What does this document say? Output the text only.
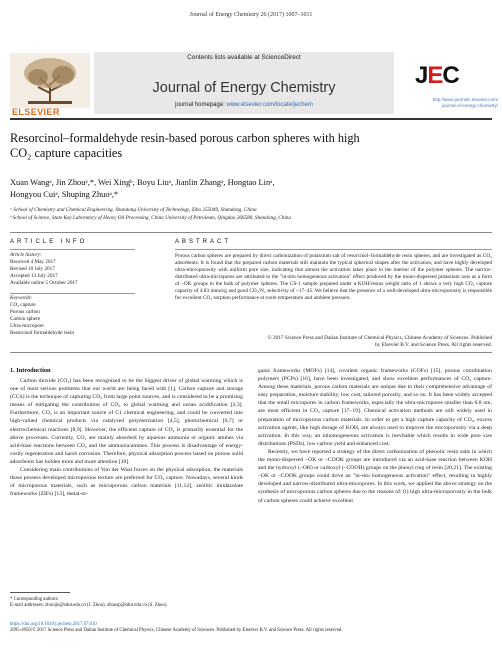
Journal of Energy Chemistry 26 (2017) 1007–1011
ELSEVIER
Contents lists available at ScienceDirect
Journal of Energy Chemistry
journal homepage: www.elsevier.com/locate/jechem
JEC
http://www.journals.elsevier.com/
journal-of-energy-chemistry/
Resorcinol–formaldehyde resin-based porous carbon spheres with high
CO₂ capture capacities
Xuan Wangᵃ, Jin Zhouᵃ,*, Wei Xingᵇ, Boyu Liuᵃ, Jianlin Zhangᵃ, Hongtao Linᵃ,
Hongyou Cuiᵃ, Shuping Zhuoᵃ,*
ᵃ School of Chemistry and Chemical Engineering, Shandong University of Technology, Zibo 255049, Shandong, China
ᵇ School of Science, State Key Laboratory of Heavy Oil Processing, China University of Petroleum, Qingdao 266580, Shandong, China
ARTICLE INFO
Article history:
Received 4 May 2017
Revised 10 July 2017
Accepted 13 July 2017
Available online 5 October 2017
Keywords:
CO₂ capture
Porous carbon
Carbon sphere
Ultra-micropore
Resorcinol formaldehyde resin
ABSTRACT
Porous carbon spheres are prepared by direct carbonization of potassium salt of resorcinol–formaldehyde resin spheres, and are investigated as CO₂ adsorbents. It is found that the prepared carbon materials still maintain the typical spherical shapes after the activation, and have highly developed ultra-microporosity with uniform pore size, indicating that almost the activation takes place in the interior of the polymer spheres. The narrow-distributed ultra-micropores are attributed to the "in-situ homogeneous activation" effect produced by the mono-dispersed potassium ions as a form of –OK groups in the bulk of polymer spheres. The CS-1 sample prepared under a KOH/resins weight ratio of 1 shows a very high CO₂ capture capacity of 4.83 mmol/g and good CO₂/N₂ selectivity of ~17–45. We believe that the presence of a well-developed ultra-microporosity is responsible for excellent CO₂ sorption performance at room temperature and ambient pressure.
© 2017 Science Press and Dalian Institute of Chemical Physics, Chinese Academy of Sciences. Published
by Elsevier B.V. and Science Press. All rights reserved.
1. Introduction

Carbon dioxide (CO₂) has been recognized to be the biggest driver of global warming which is one of most serious problems that our world are being faced with [1]. Carbon capture and storage (CCS) is the technique of capturing CO₂ from large point sources, and is considered to be a promising means of mitigating the contribution of CO₂ to global warming and ocean acidification [2,3]. Furthermore, CO₂ is an important source of C1 chemical engineering, and could be converted into high-valued chemical products via catalyzed polymerization [4,5], photochemical [6,7] or electrochemical reactions [8,9]. However, the efficient capture of CO₂ is primarily essential for the above processes. Currently, CO₂ are mainly absorbed by aqueous ammonia or organic amines via acid-base reactions between CO₂ and the ammonia/amines. This process is disadvantage of energy-costly regeneration and harsh corrosion. Therefore, physical adsorption process based on porous solid adsorbents has holden more and more attention [10].

Considering main contributions of Von der Waal forces on the physical adsorption, the materials those possess developed microporous texture are preferred for CO₂ capture. Nowadays, several kinds of microporous materials, such as microporous carbon materials [11,12], zeolitic imidazolate frameworks (ZIFs) [13], metal-or-

ganic frameworks (MOFs) [14], covalent organic frameworks (COFs) [15], porous coordination polymers (PCPs) [16], have been investigated, and show excellent performances of CO₂ capture. Among these materials, porous carbon materials are unique due to their comprehensive advantage of easy preparation, moisture stability, low cost, tailored porosity, and so on. It has been widely accepted that the small micropores in carbon frameworks, especially the ultra-micropores smaller than 0.8 nm, are most efficient in CO₂ capture [17–19]. Chemical activation methods are still widely used in preparation of microporous carbon materials. In order to get a high capture capacity of CO₂, excess activation agents, like high dosage of KOH, are always used to improve the microporosity via a deep activation. In this way, an inhomogeneous activation is inevitable which results in wide pore size distributions (PSDs), low carbon yield and enhanced cost.

Recently, we have reported a strategy of the direct carbonization of phenolic resin salts in which the mono-dispersed –OK or –COOK groups are introduced via an acid-base reaction between KOH and the hydroxyl (–OH) or carboxyl (–COOH) groups on the phenyl ring of resin [20,21]. The existing –OK or –COOK groups could drive an "in-situ homogeneous activation" effect, resulting in highly developed and narrow-distributed ultra-micropores. In this work, we applied the above strategy on the synthesis of microporous carbon spheres due to the reasons of: (i) high ultra-microporosity in the bulk of carbon spheres could achieve excellent

* Corresponding authors.
E-mail addresses: zhoujin@sdut.edu.cn (J. Zhou), zhuosp@sdut.edu.cn (S. Zhuo).
https://doi.org/10.1016/j.jechem.2017.07.010
2095-4956/© 2017 Science Press and Dalian Institute of Chemical Physics, Chinese Academy of Sciences. Published by Elsevier B.V. and Science Press. All rights reserved.
